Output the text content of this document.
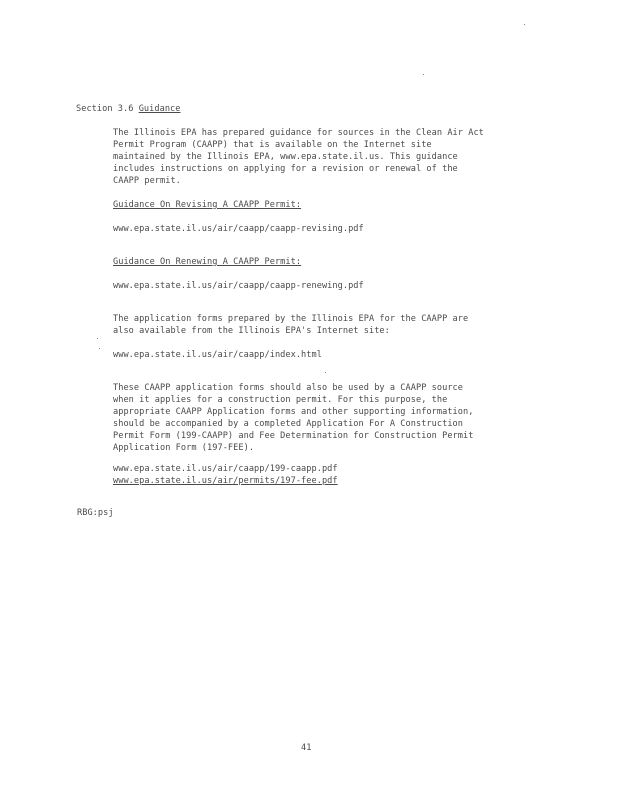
Section 3.6 Guidance
The Illinois EPA has prepared guidance for sources in the Clean Air Act
Permit Program (CAAPP) that is available on the Internet site
maintained by the Illinois EPA, www.epa.state.il.us. This guidance
includes instructions on applying for a revision or renewal of the
CAAPP permit.
Guidance On Revising A CAAPP Permit:
www.epa.state.il.us/air/caapp/caapp-revising.pdf
Guidance On Renewing A CAAPP Permit:
www.epa.state.il.us/air/caapp/caapp-renewing.pdf
The application forms prepared by the Illinois EPA for the CAAPP are
also available from the Illinois EPA's Internet site:
www.epa.state.il.us/air/caapp/index.html
These CAAPP application forms should also be used by a CAAPP source
when it applies for a construction permit. For this purpose, the
appropriate CAAPP Application forms and other supporting information,
should be accompanied by a completed Application For A Construction
Permit Form (199-CAAPP) and Fee Determination for Construction Permit
Application Form (197-FEE).
www.epa.state.il.us/air/caapp/199-caapp.pdf
www.epa.state.il.us/air/permits/197-fee.pdf
RBG:psj
41
